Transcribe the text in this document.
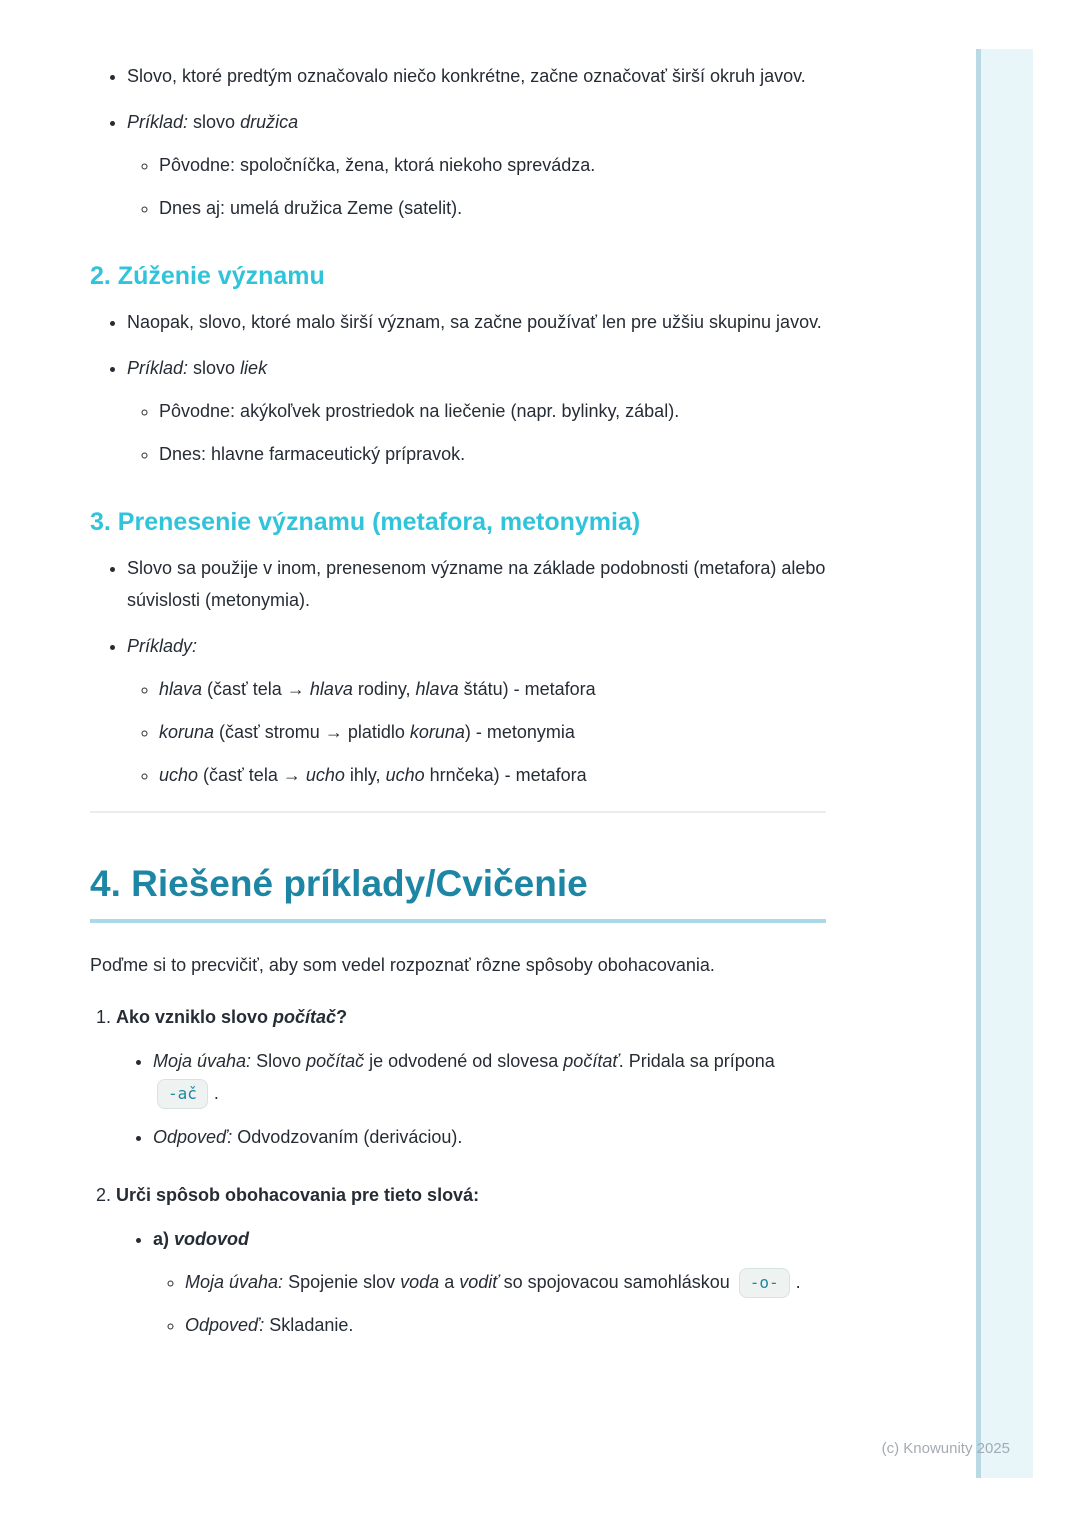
• Slovo, ktoré predtým označovalo niečo konkrétne, začne označovať širší okruh javov.
• Príklad: slovo družica
◦ Pôvodne: spoločníčka, žena, ktorá niekoho sprevádza.
◦ Dnes aj: umelá družica Zeme (satelit).
2. Zúženie významu
• Naopak, slovo, ktoré malo širší význam, sa začne používať len pre užšiu skupinu javov.
• Príklad: slovo liek
◦ Pôvodne: akýkoľvek prostriedok na liečenie (napr. bylinky, zábal).
◦ Dnes: hlavne farmaceutický prípravok.
3. Prenesenie významu (metafora, metonymia)
• Slovo sa použije v inom, prenesenom význame na základe podobnosti (metafora) alebo súvislosti (metonymia).
• Príklady:
◦ hlava (časť tela → hlava rodiny, hlava štátu) - metafora
◦ koruna (časť stromu → platidlo koruna) - metonymia
◦ ucho (časť tela → ucho ihly, ucho hrnčeka) - metafora
4. Riešené príklady/Cvičenie

Poďme si to precvičiť, aby som vedel rozpoznať rôzne spôsoby obohacovania.

1. Ako vzniklo slovo počítač?
• Moja úvaha: Slovo počítač je odvodené od slovesa počítať. Pridala sa prípona -ač .
• Odpoveď: Odvodzovaním (deriváciou).
2. Urči spôsob obohacovania pre tieto slová:
• a) vodovod
◦ Moja úvaha: Spojenie slov voda a vodiť so spojovacou samohláskou -o- .
◦ Odpoveď: Skladanie.
(c) Knowunity 2025
